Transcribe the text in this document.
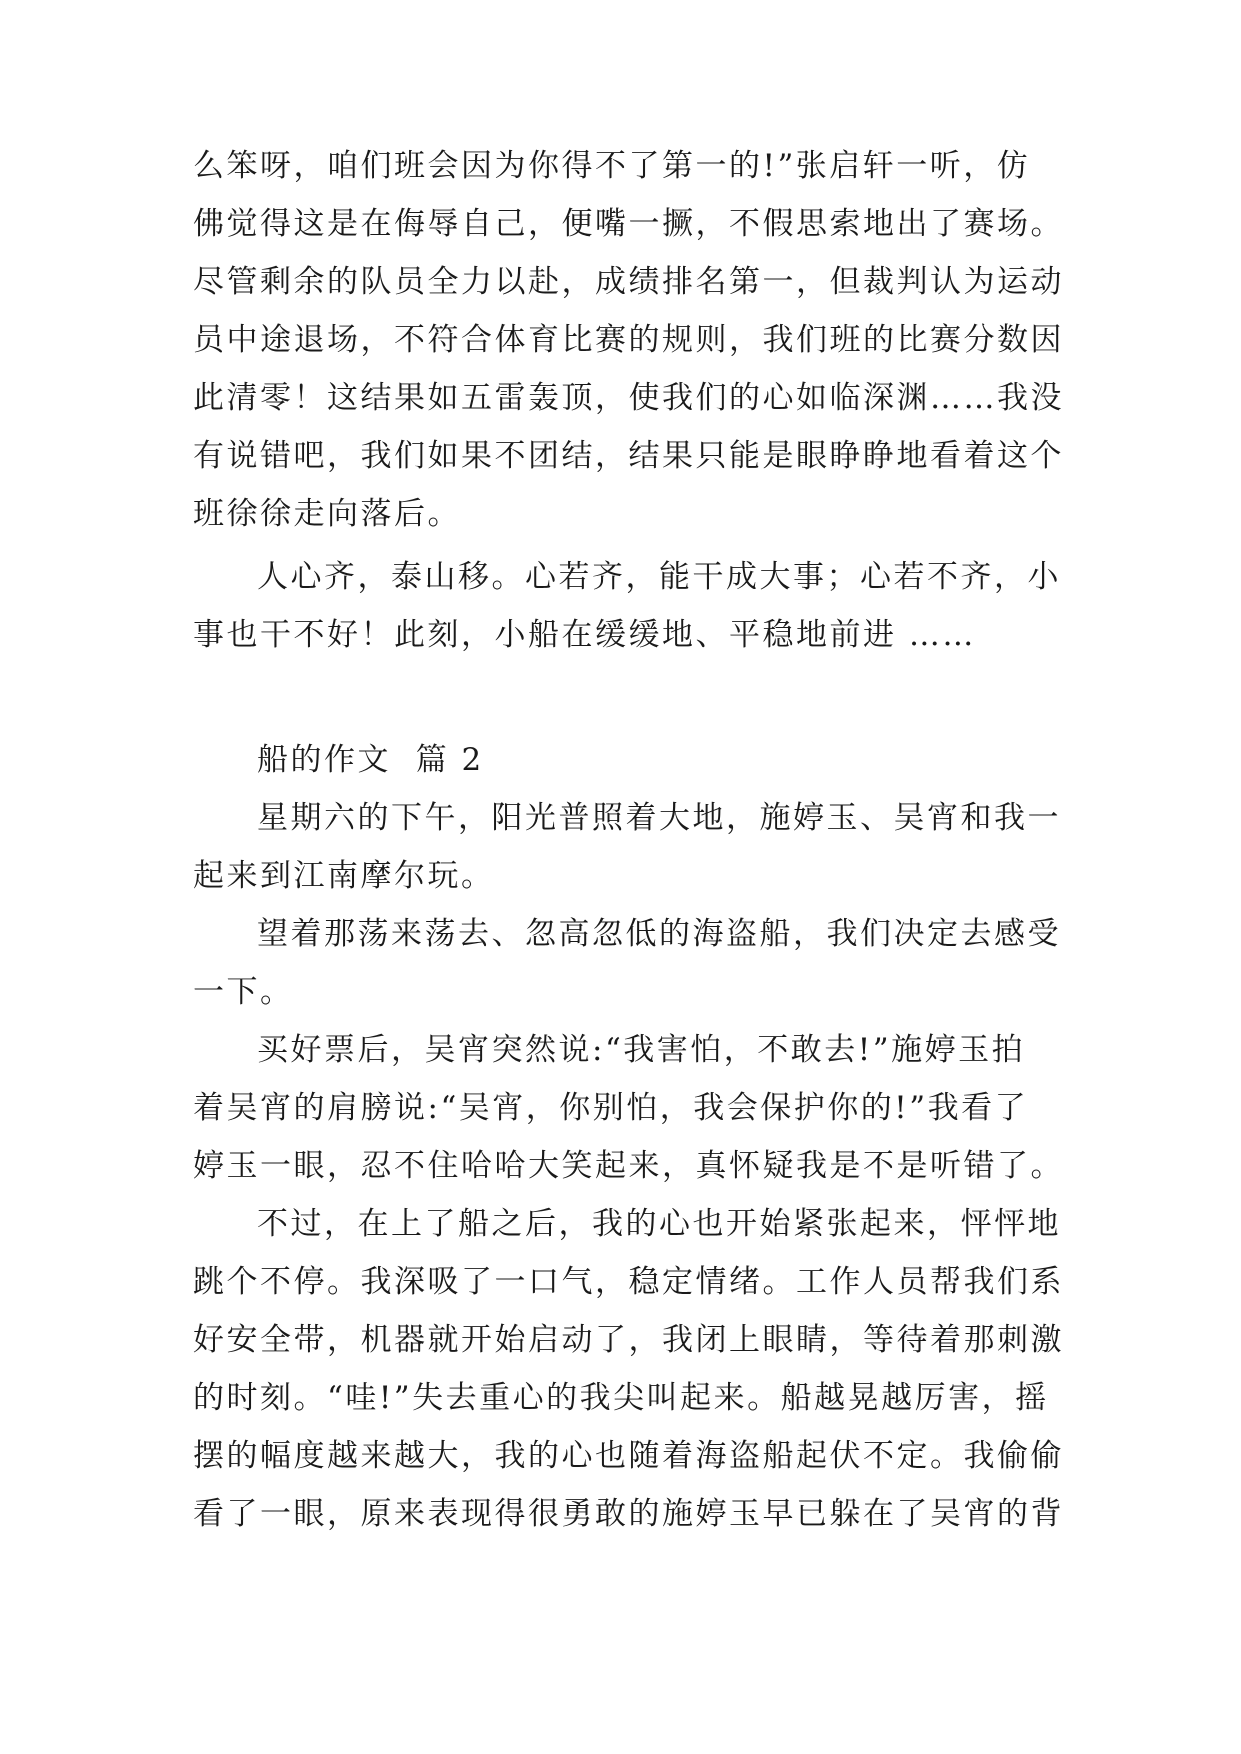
么笨呀，咱们班会因为你得不了第一的!”张启轩一听，仿
佛觉得这是在侮辱自己，便嘴一撅，不假思索地出了赛场。
尽管剩余的队员全力以赴，成绩排名第一，但裁判认为运动
员中途退场，不符合体育比赛的规则，我们班的比赛分数因
此清零！这结果如五雷轰顶，使我们的心如临深渊……我没
有说错吧，我们如果不团结，结果只能是眼睁睁地看着这个
班徐徐走向落后。
人心齐，泰山移。心若齐，能干成大事；心若不齐，小
事也干不好！此刻，小船在缓缓地、平稳地前进 ……
船的作文  篇 2
星期六的下午，阳光普照着大地，施婷玉、吴宵和我一
起来到江南摩尔玩。
望着那荡来荡去、忽高忽低的海盗船，我们决定去感受
一下。
买好票后，吴宵突然说:“我害怕，不敢去!”施婷玉拍
着吴宵的肩膀说:“吴宵，你别怕，我会保护你的!”我看了
婷玉一眼，忍不住哈哈大笑起来，真怀疑我是不是听错了。
不过，在上了船之后，我的心也开始紧张起来，怦怦地
跳个不停。我深吸了一口气，稳定情绪。工作人员帮我们系
好安全带，机器就开始启动了，我闭上眼睛，等待着那刺激
的时刻。“哇!”失去重心的我尖叫起来。船越晃越厉害，摇
摆的幅度越来越大，我的心也随着海盗船起伏不定。我偷偷
看了一眼，原来表现得很勇敢的施婷玉早已躲在了吴宵的背
